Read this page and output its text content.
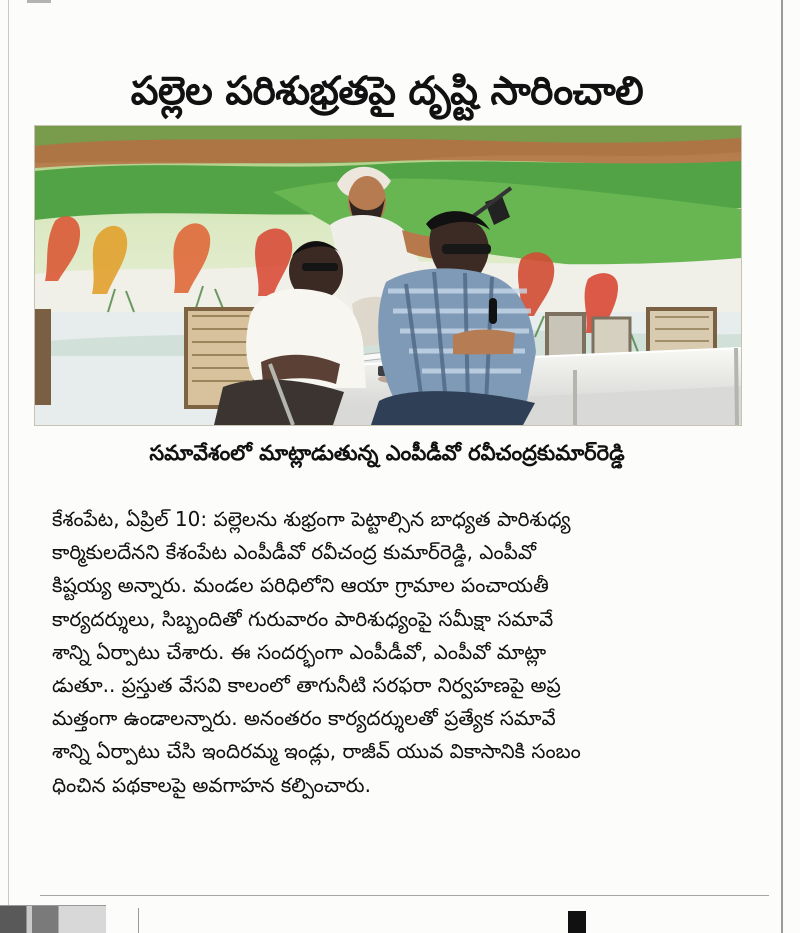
పల్లెల పరిశుభ్రతపై దృష్టి సారించాలి
సమావేశంలో మాట్లాడుతున్న ఎంపీడీవో రవీచంద్రకుమార్‌రెడ్డి
కేశంపేట, ఏప్రిల్ 10: పల్లెలను శుభ్రంగా పెట్టాల్సిన బాధ్యత పారిశుధ్య
కార్మికులదేనని కేశంపేట ఎంపీడీవో రవీచంద్ర కుమార్‌రెడ్డి, ఎంపీవో
కిష్టయ్య అన్నారు. మండల పరిధిలోని ఆయా గ్రామాల పంచాయతీ
కార్యదర్శులు, సిబ్బందితో గురువారం పారిశుధ్యంపై సమీక్షా సమావే
శాన్ని ఏర్పాటు చేశారు. ఈ సందర్భంగా ఎంపీడీవో, ఎంపీవో మాట్లా
డుతూ.. ప్రస్తుత వేసవి కాలంలో తాగునీటి సరఫరా నిర్వహణపై అప్ర
మత్తంగా ఉండాలన్నారు. అనంతరం కార్యదర్శులతో ప్రత్యేక సమావే
శాన్ని ఏర్పాటు చేసి ఇందిరమ్మ ఇండ్లు, రాజీవ్ యువ వికాసానికి సంబం
ధించిన పథకాలపై అవగాహన కల్పించారు.
